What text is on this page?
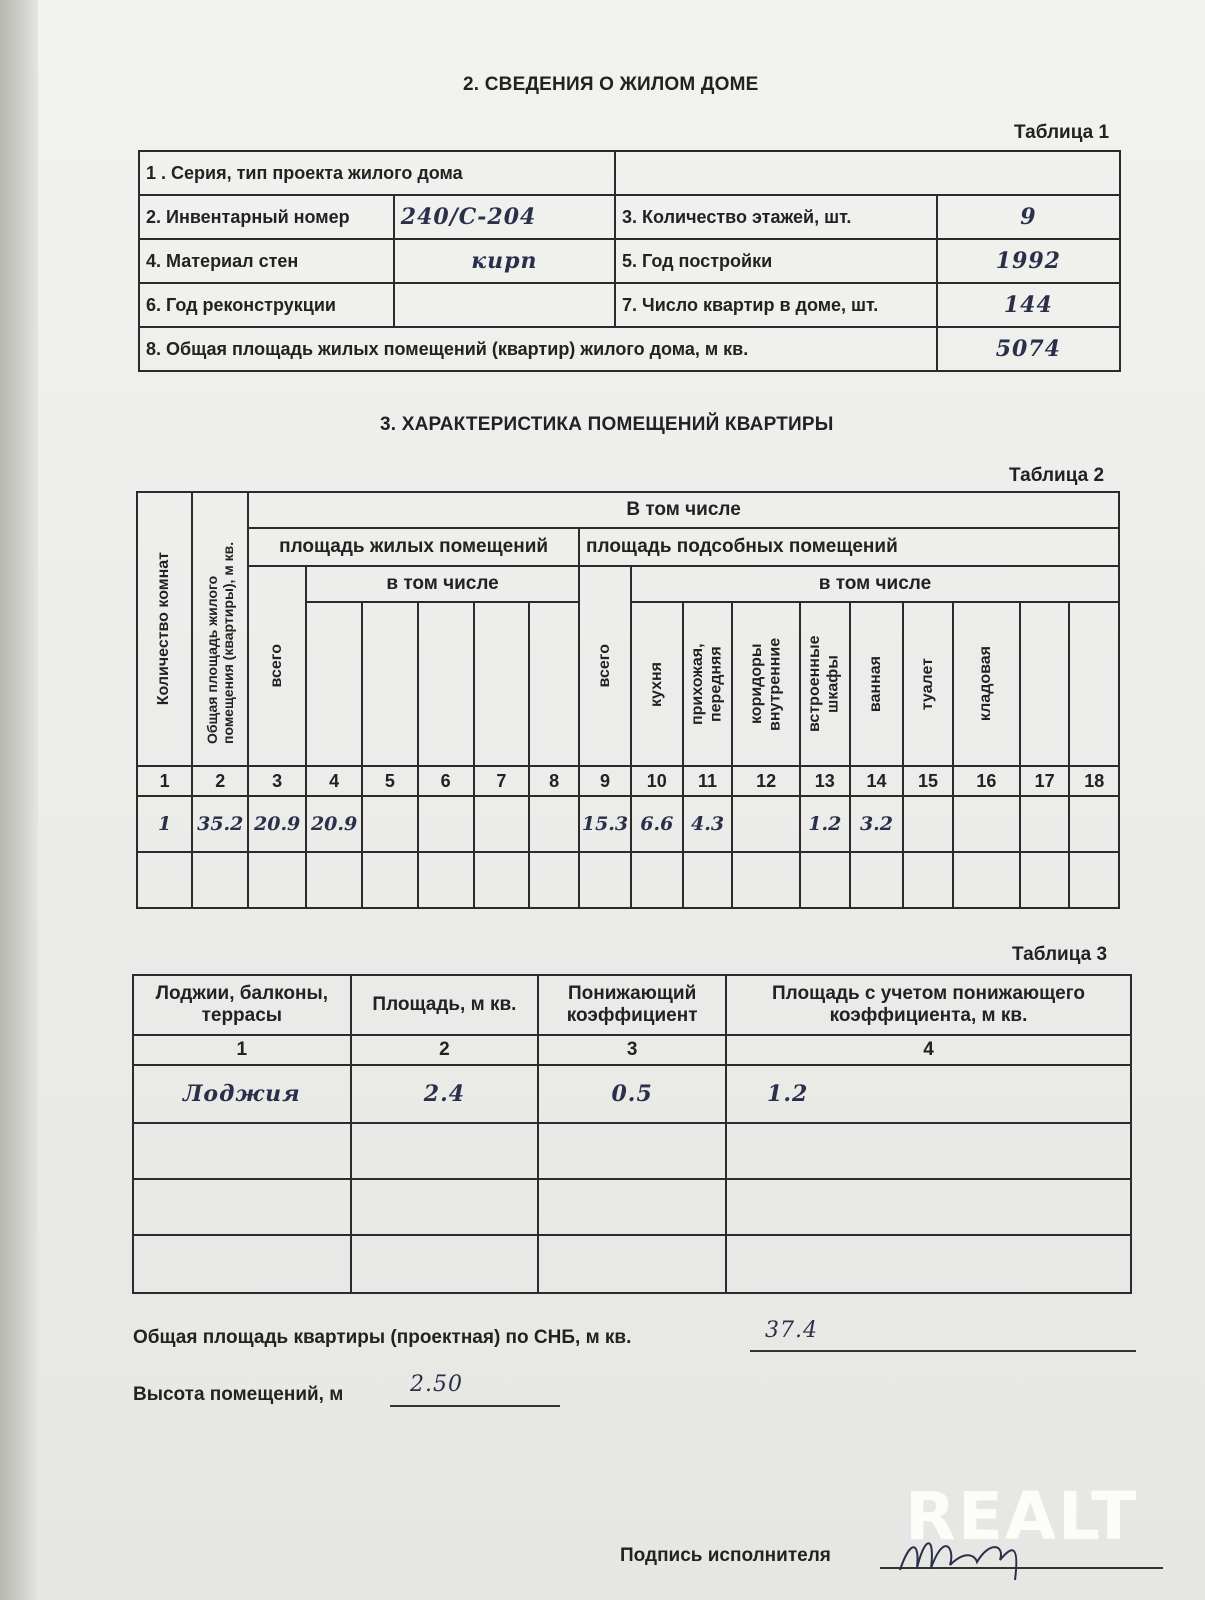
2. СВЕДЕНИЯ О ЖИЛОМ ДОМЕ
Таблица 1
1 . Серия, тип проекта жилого дома			
2. Инвентарный номер	240/С-204	3. Количество этажей, шт.	9
4. Материал стен	кирп	5. Год постройки	1992
6. Год реконструкции		7. Число квартир в доме, шт.	144
8. Общая площадь жилых помещений (квартир) жилого дома, м кв.			5074
3. ХАРАКТЕРИСТИКА ПОМЕЩЕНИЙ КВАРТИРЫ
Таблица 2
Количество комнат	Общая площадь жилого помещения (квартиры), м кв.	В том числе															
		площадь жилых помещений						площадь подсобных помещений									

		всего	в том числе					всего	в том числе								

									кухня	прихожая, передняя	коридоры внутренние	встроенные шкафы	ванная	туалет	кладовая		

1	2	3	4	5	6	7	8	9	10	11	12	13	14	15	16	17	18
1	35.2	20.9	20.9					15.3	6.6	4.3		1.2	3.2				

Таблица 3
Лоджии, балконы, террасы	Площадь, м кв.	Понижающий коэффициент	Площадь с учетом понижающего коэффициента, м кв.
1	2	3	4
Лоджия	2.4	0.5	1.2

Общая площадь квартиры (проектная) по СНБ, м кв.	37.4
Высота помещений, м	2.50
Подпись исполнителя
REALT
